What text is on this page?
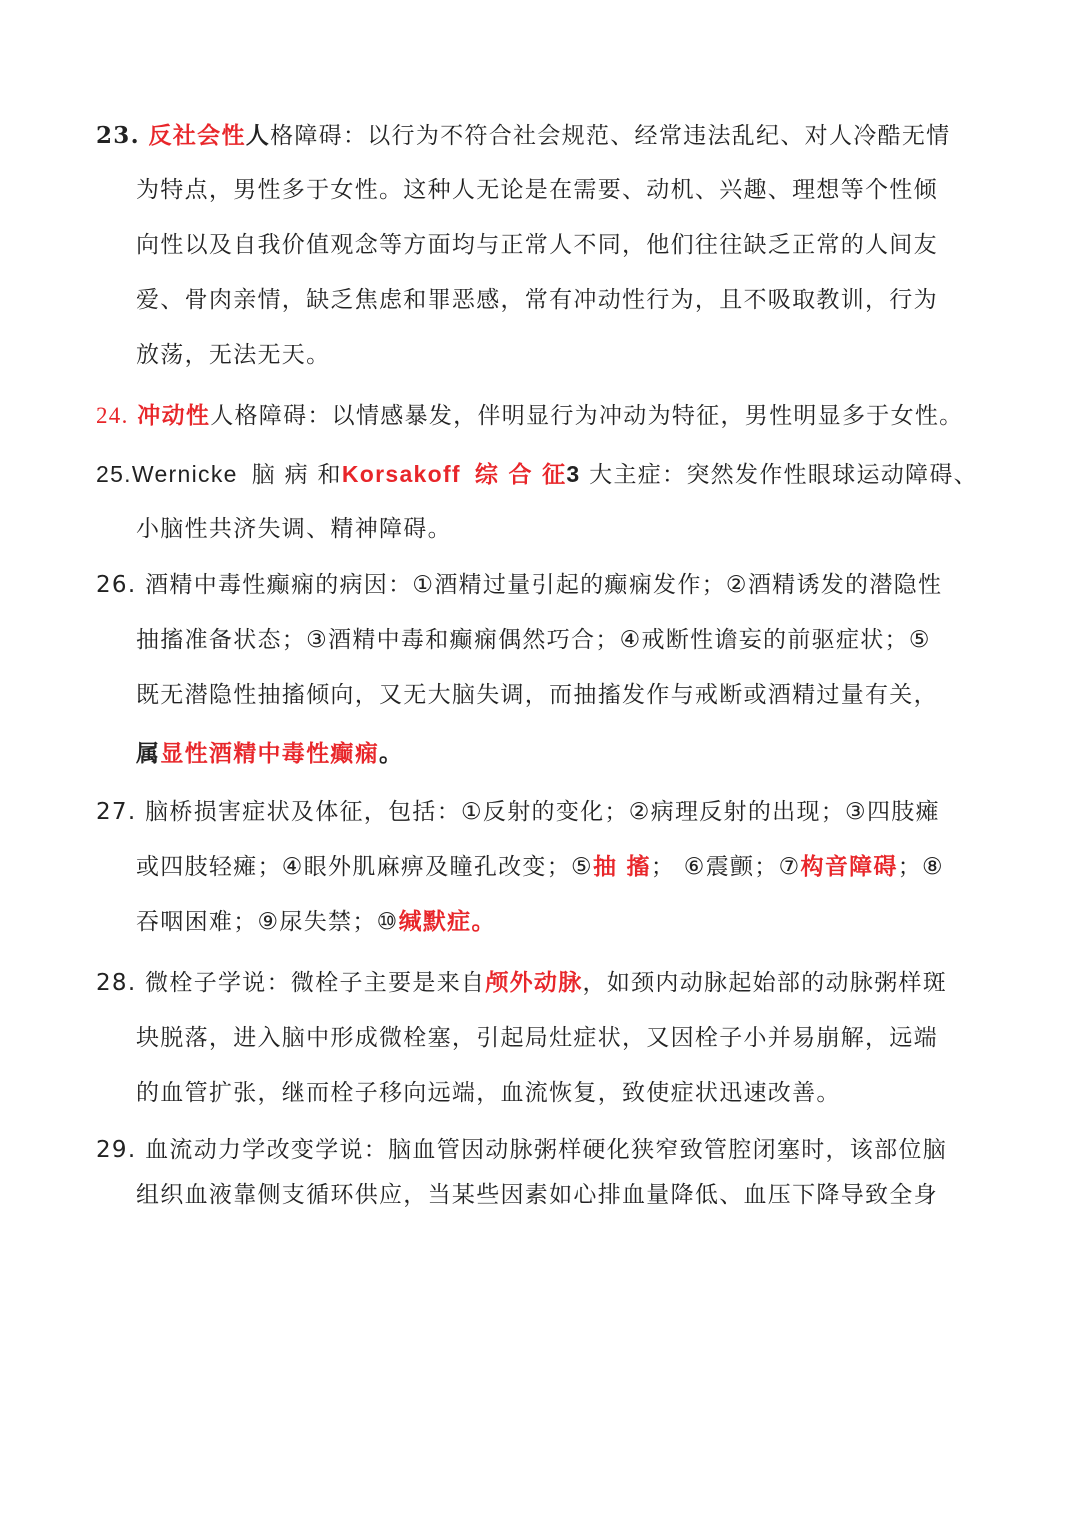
23. 反社会性人格障碍：以行为不符合社会规范、经常违法乱纪、对人冷酷无情
为特点，男性多于女性。这种人无论是在需要、动机、兴趣、理想等个性倾
向性以及自我价值观念等方面均与正常人不同，他们往往缺乏正常的人间友
爱、骨肉亲情，缺乏焦虑和罪恶感，常有冲动性行为，且不吸取教训，行为
放荡，无法无天。
24. 冲动性人格障碍：以情感暴发，伴明显行为冲动为特征，男性明显多于女性。
25.Wernicke 脑 病 和Korsakoff 综 合 征3 大主症：突然发作性眼球运动障碍、
小脑性共济失调、精神障碍。
26. 酒精中毒性癫痫的病因：①酒精过量引起的癫痫发作；②酒精诱发的潜隐性
抽搐准备状态；③酒精中毒和癫痫偶然巧合；④戒断性谵妄的前驱症状；⑤
既无潜隐性抽搐倾向，又无大脑失调，而抽搐发作与戒断或酒精过量有关，
属显性酒精中毒性癫痫。
27. 脑桥损害症状及体征，包括：①反射的变化；②病理反射的出现；③四肢瘫
或四肢轻瘫；④眼外肌麻痹及瞳孔改变；⑤抽 搐； ⑥震颤；⑦构音障碍；⑧
吞咽困难；⑨尿失禁；⑩缄默症。
28. 微栓子学说：微栓子主要是来自颅外动脉，如颈内动脉起始部的动脉粥样斑
块脱落，进入脑中形成微栓塞，引起局灶症状，又因栓子小并易崩解，远端
的血管扩张，继而栓子移向远端，血流恢复，致使症状迅速改善。
29. 血流动力学改变学说：脑血管因动脉粥样硬化狭窄致管腔闭塞时，该部位脑
组织血液靠侧支循环供应，当某些因素如心排血量降低、血压下降导致全身
